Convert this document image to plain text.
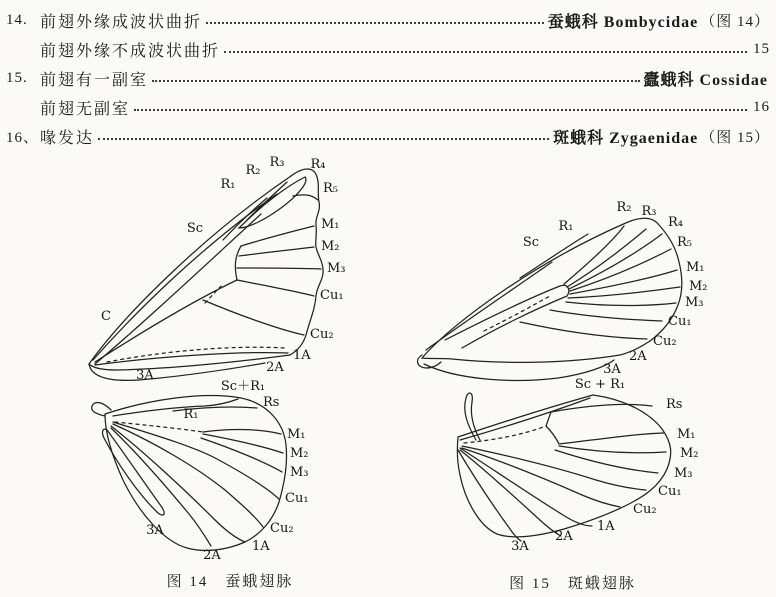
14. 前翅外缘成波状曲折	蚕蛾科 Bombycidae （图 14）
前翅外缘不成波状曲折	15
15. 前翅有一副室	蠹蛾科 Cossidae
前翅无副室	16
16、 喙发达	斑蛾科 Zygaenidae （图 15）
C
Sc
R₁
R₂
R₃ R₄
R₅
M₁
M₂
M₃
Cu₁
Cu₂
1A
2A
3A
Sc＋R₁
Rs
R₁
M₁
M₂
M₃
Cu₁
Cu₂
1A
2A
3A
图 14　蚕蛾翅脉
Sc
R₁
R₂ R₃
R₄
R₅
M₁
M₂
M₃
Cu₁
Cu₂
2A
3A
Sc + R₁
Rs
M₁
M₂
M₃
Cu₁
Cu₂
1A
2A
3A
图 15　斑蛾翅脉
